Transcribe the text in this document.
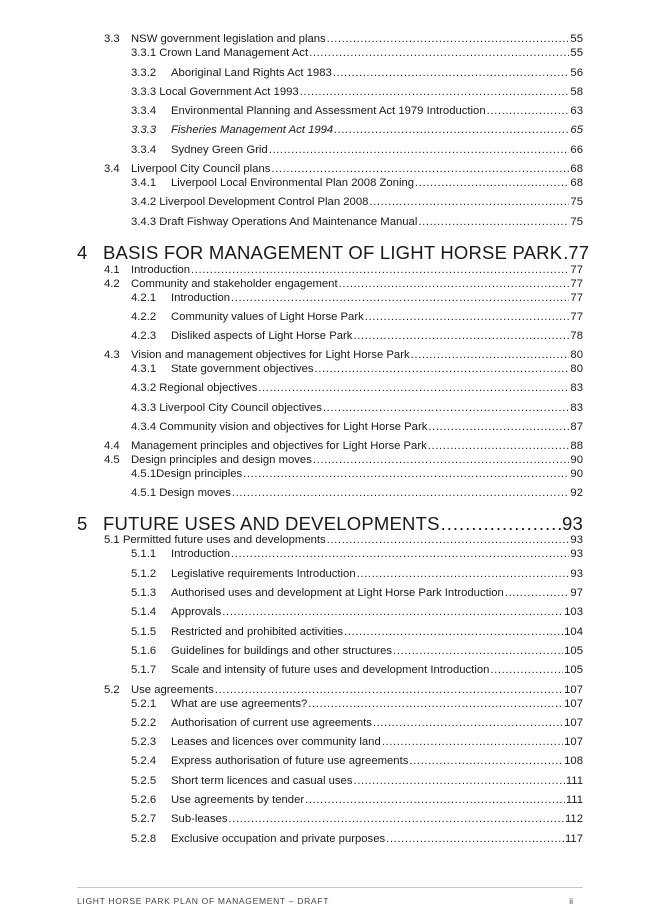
3.3 NSW government legislation and plans .....	55
3.3.1 Crown Land Management Act .....	55
3.3.2	Aboriginal Land Rights Act 1983 .....	56
3.3.3 Local Government Act 1993 .....	58
3.3.4	Environmental Planning and Assessment Act 1979 Introduction .....	63
3.3.3	Fisheries Management Act 1994 .....	65
3.3.4	Sydney Green Grid .....	66
3.4 Liverpool City Council plans .....	68
3.4.1	Liverpool Local Environmental Plan 2008 Zoning .....	68
3.4.2 Liverpool Development Control Plan 2008 .....	75
3.4.3 Draft Fishway Operations And Maintenance Manual .....	75
4 BASIS FOR MANAGEMENT OF LIGHT HORSE PARK ..... 77
4.1 Introduction .....	77
4.2 Community and stakeholder engagement .....	77
4.2.1	Introduction .....	77
4.2.2	Community values of Light Horse Park .....	77
4.2.3	Disliked aspects of Light Horse Park .....	78
4.3 Vision and management objectives for Light Horse Park .....	80
4.3.1	State government objectives .....	80
4.3.2 Regional objectives .....	83
4.3.3 Liverpool City Council objectives .....	83
4.3.4 Community vision and objectives for Light Horse Park .....	87
4.4 Management principles and objectives for Light Horse Park .....	88
4.5 Design principles and design moves .....	90
4.5.1Design principles .....	90
4.5.1 Design moves .....	92
5 FUTURE USES AND DEVELOPMENTS .....	93
5.1 Permitted future uses and developments .....	93
5.1.1	Introduction .....	93
5.1.2	Legislative requirements Introduction .....	93
5.1.3	Authorised uses and development at Light Horse Park Introduction .....	97
5.1.4	Approvals .....	103
5.1.5	Restricted and prohibited activities .....	104
5.1.6	Guidelines for buildings and other structures .....	105
5.1.7	Scale and intensity of future uses and development Introduction .....	105
5.2 Use agreements .....	107
5.2.1	What are use agreements? .....	107
5.2.2	Authorisation of current use agreements .....	107
5.2.3	Leases and licences over community land .....	107
5.2.4	Express authorisation of future use agreements .....	108
5.2.5	Short term licences and casual uses .....	111
5.2.6	Use agreements by tender .....	111
5.2.7	Sub-leases .....	112
5.2.8	Exclusive occupation and private purposes .....	117
LIGHT HORSE PARK PLAN OF MANAGEMENT – DRAFT	ii
